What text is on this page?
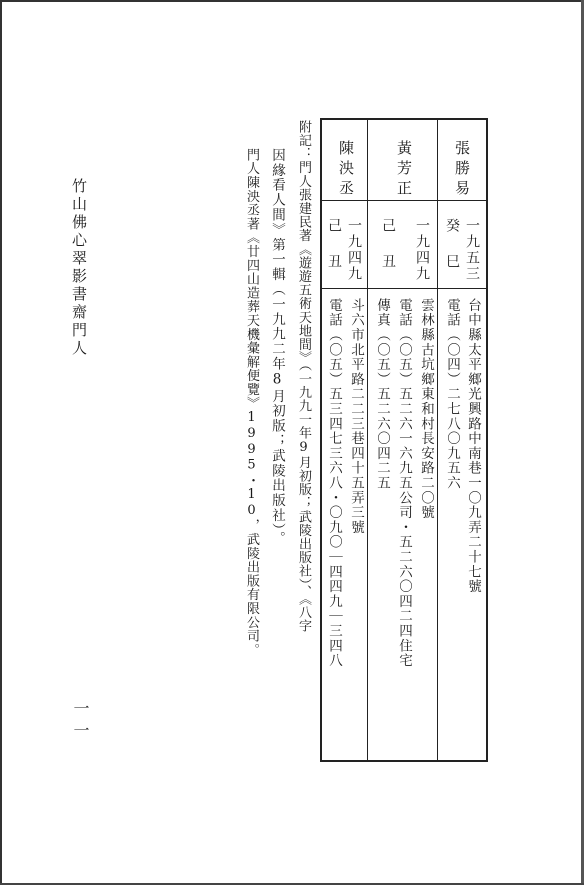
竹山佛心翠影書齋門人
一一
張勝易
一九五三
癸巳
台中縣太平鄉光興路中南巷一〇九弄二十七號
電話（〇四）二七八〇九五六
黃芳正
一九四九
己丑
雲林縣古坑鄉東和村長安路二〇號
電話（〇五）五二六一六九五公司・五二六〇四二四住宅
傳真（〇五）五二六〇四二五
陳泱丞
一九四九
己丑
斗六市北平路二二三巷四十五弄三號
電話（〇五）五三四七三六八・〇九〇｜四四九｜三四八
附記：門人張建民著《遊遊五術天地間》（一九九一年9月初版；武陵出版社）、《八字
因緣看人間》第一輯（一九九二年8月初版；武陵出版社）。
門人陳泱丞著《廿四山造葬天機彙解便覽》1995・10，武陵出版有限公司。
